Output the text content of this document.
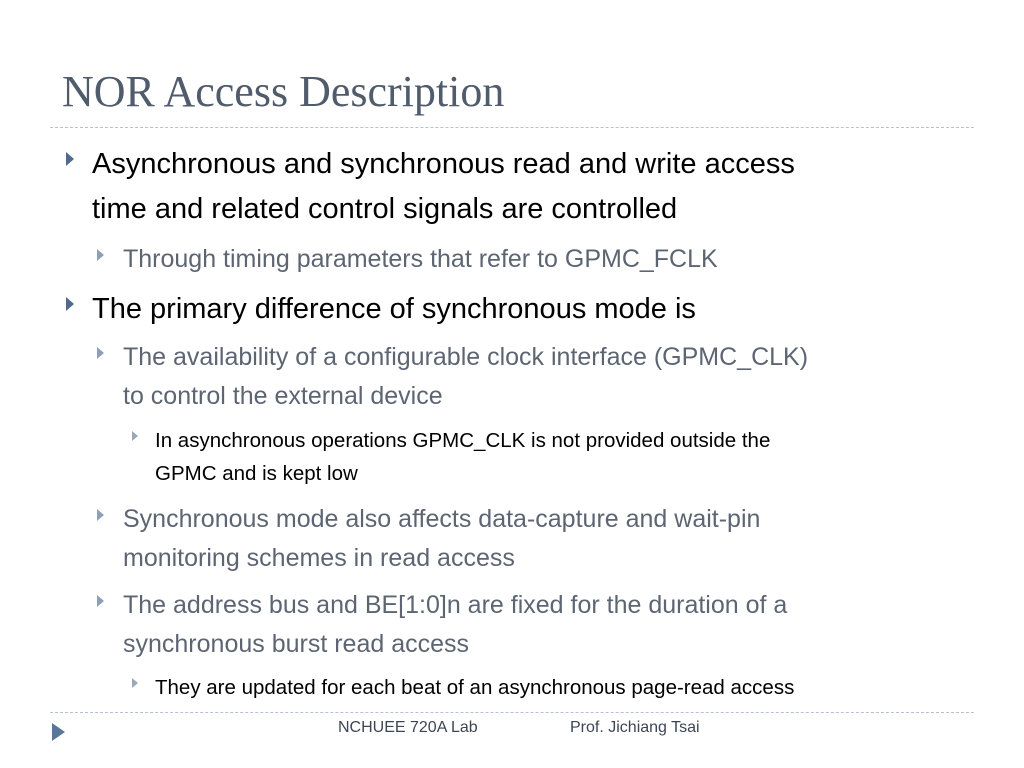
NOR Access Description
Asynchronous and synchronous read and write access
time and related control signals are controlled
Through timing parameters that refer to GPMC_FCLK
The primary difference of synchronous mode is
The availability of a configurable clock interface (GPMC_CLK)
to control the external device
In asynchronous operations GPMC_CLK is not provided outside the
GPMC and is kept low
Synchronous mode also affects data-capture and wait-pin
monitoring schemes in read access
The address bus and BE[1:0]n are fixed for the duration of a
synchronous burst read access
They are updated for each beat of an asynchronous page-read access
NCHUEE 720A Lab	Prof. Jichiang Tsai
